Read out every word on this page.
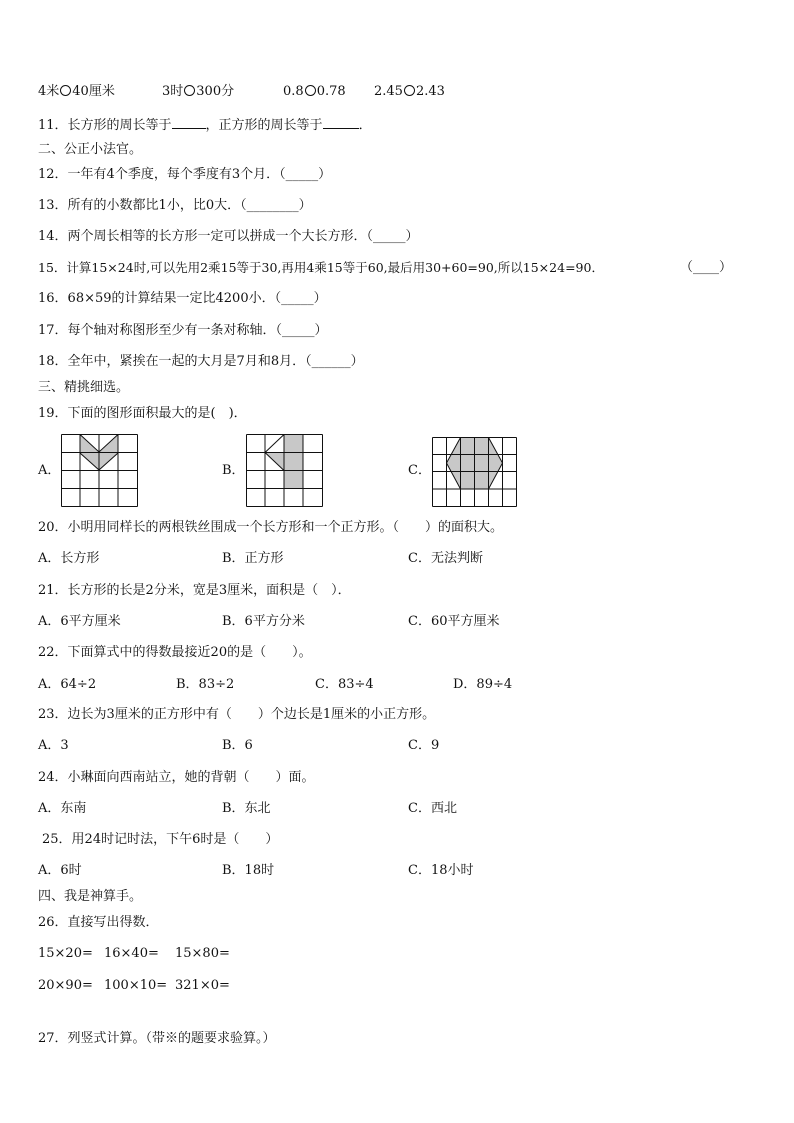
4米 40厘米	3时 300分	0.8 0.78 2.45 2.43
11．长方形的周长等于	，正方形的周长等于	．
二、公正小法官。
12．一年有4个季度，每个季度有3个月．（_____）
13．所有的小数都比1小，比0大．（________）
14．两个周长相等的长方形一定可以拼成一个大长方形．（_____）
15．计算15×24时,可以先用2乘15等于30,再用4乘15等于60,最后用30+60=90,所以15×24=90．	（____）
16．68×59的计算结果一定比4200小．（_____）
17．每个轴对称图形至少有一条对称轴．（_____）
18．全年中，紧挨在一起的大月是7月和8月．（______）
三、精挑细选。
19．下面的图形面积最大的是(　)．
A．	B．	C．
20．小明用同样长的两根铁丝围成一个长方形和一个正方形。（　　）的面积大。
A．长方形	B．正方形	C．无法判断
21．长方形的长是2分米，宽是3厘米，面积是（　）．
A．6平方厘米	B．6平方分米	C．60平方厘米
22．下面算式中的得数最接近20的是（　　）。
A．64÷2	B．83÷2	C．83÷4	D．89÷4
23．边长为3厘米的正方形中有（　　）个边长是1厘米的小正方形。
A．3	B．6	C．9
24．小琳面向西南站立，她的背朝（　　）面。
A．东南	B．东北	C．西北
25．用24时记时法，下午6时是（　　）
A．6时	B．18时	C．18小时
四、我是神算手。
26．直接写出得数．
15×20= 16×40= 15×80=
20×90= 100×10= 321×0=
27．列竖式计算。（带※的题要求验算。）
